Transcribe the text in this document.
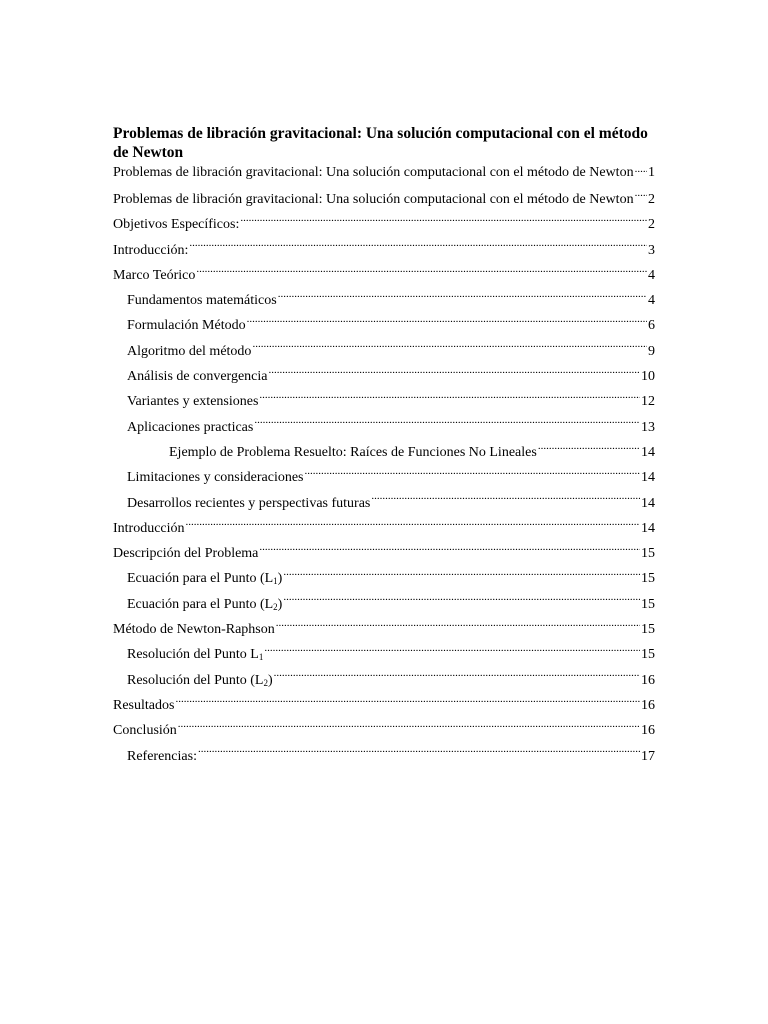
Problemas de libración gravitacional: Una solución computacional con el método de Newton
Problemas de libración gravitacional: Una solución computacional con el método de Newton ..... 1
Problemas de libración gravitacional: Una solución computacional con el método de Newton ..... 2
Objetivos Específicos: .....	2
Introducción: .....	3
Marco Teórico .....	4
Fundamentos matemáticos .....	4
Formulación Método .....	6
Algoritmo del método .....	9
Análisis de convergencia .....	10
Variantes y extensiones .....	12
Aplicaciones practicas .....	13
Ejemplo de Problema Resuelto: Raíces de Funciones No Lineales .....	14
Limitaciones y consideraciones .....	14
Desarrollos recientes y perspectivas futuras .....	14
Introducción .....	14
Descripción del Problema .....	15
Ecuación para el Punto $(L_1)$ .....	15
Ecuación para el Punto $(L_2)$ .....	15
Método de Newton-Raphson .....	15
Resolución del Punto $L_1$ .....	15
Resolución del Punto $(L_2)$ .....	16
Resultados .....	16
Conclusión .....	16
Referencias: .....	17
